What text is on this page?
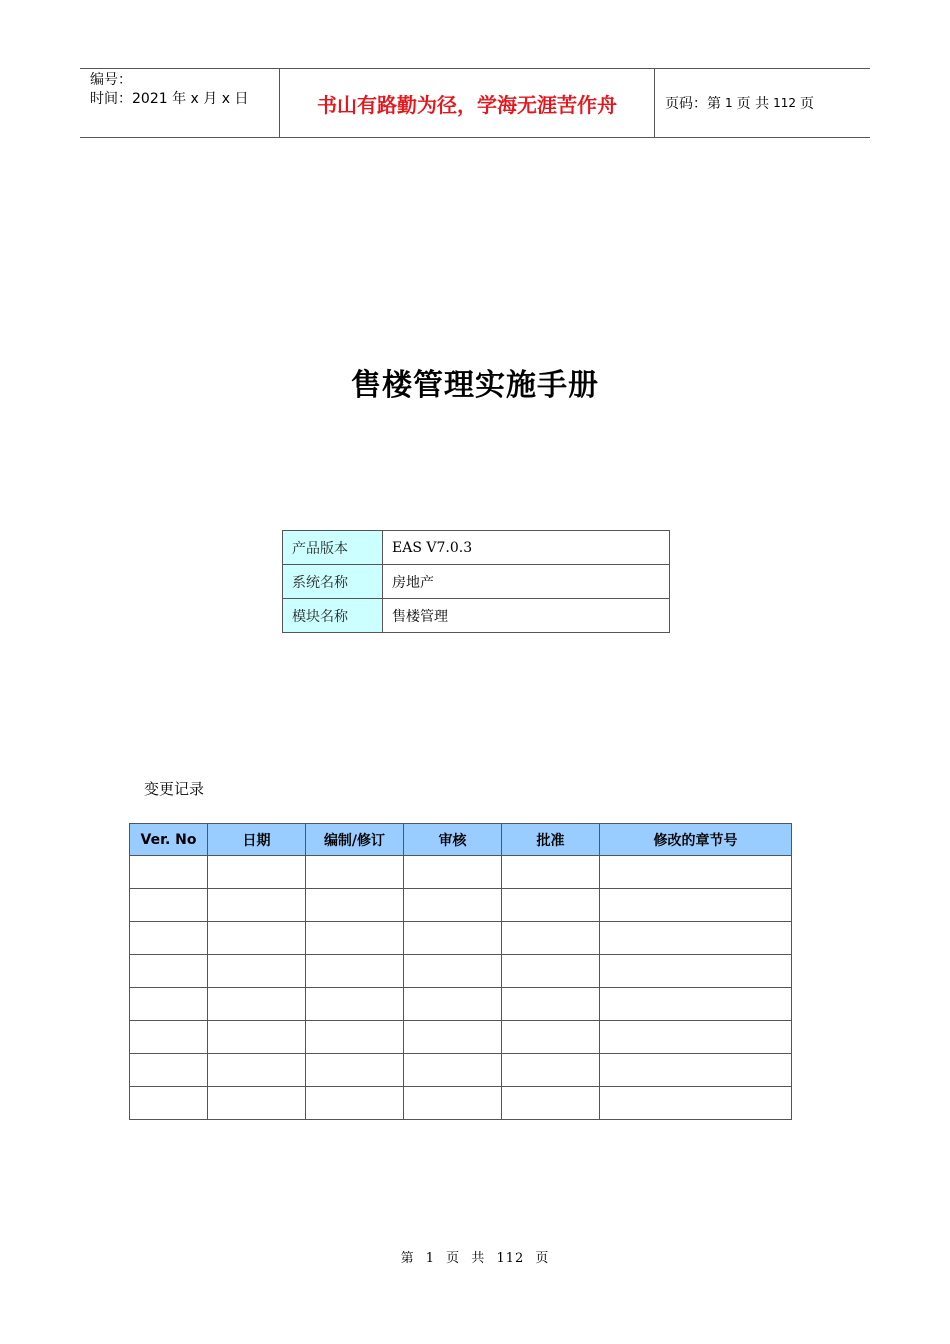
编号：
时间：2021 年 x 月 x 日	书山有路勤为径，学海无涯苦作舟	页码：第 1 页 共 112 页
售楼管理实施手册
产品版本	EAS V7.0.3
系统名称	房地产
模块名称	售楼管理
变更记录
Ver. No	日期	编制/修订	审核	批准	修改的章节号

第 1 页 共 112 页
